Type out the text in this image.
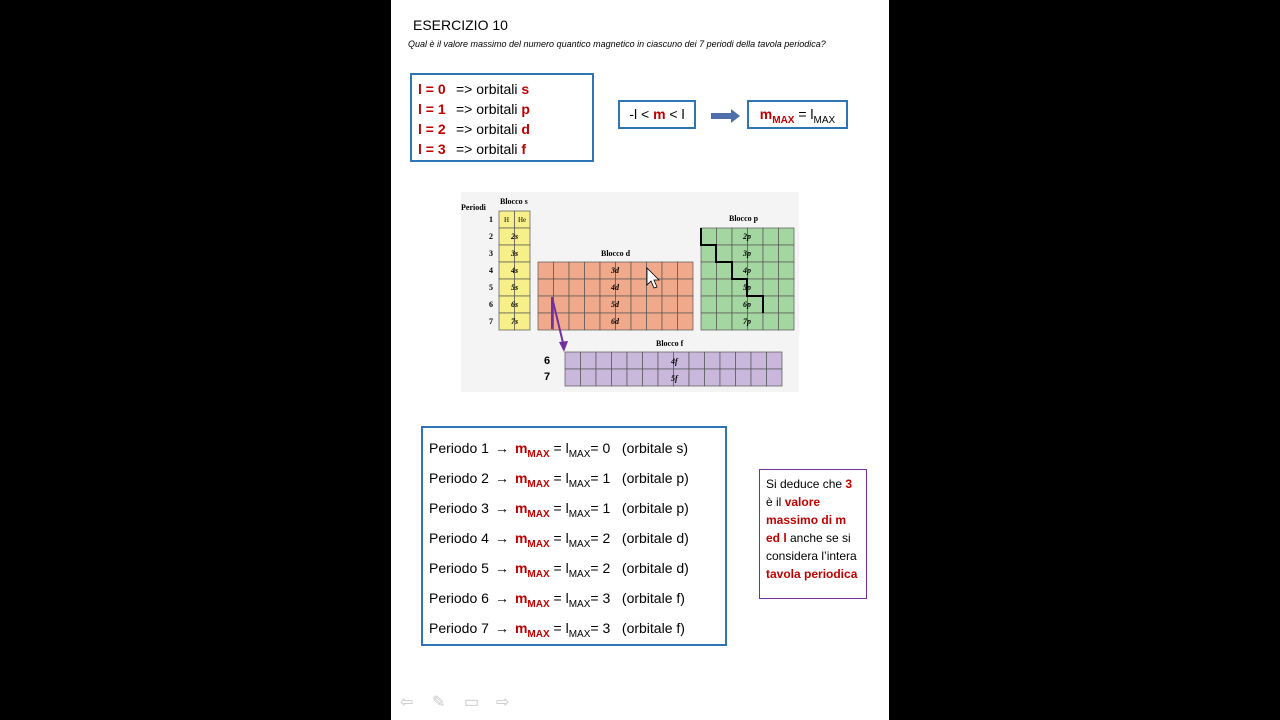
ESERCIZIO 10
Qual è il valore massimo del numero quantico magnetico in ciascuno dei 7 periodi della tavola periodica?
l = 0 => orbitali s
l = 1 => orbitali p
l = 2 => orbitali d
l = 3 => orbitali f
-l < m < l	$m_{MAX} = l_{MAX}$
Periodi
1
2
3
4
5
6
7
Blocco s
Blocco d
Blocco p
Blocco f
H He
2s
3s
4s
5s
6s
7s
3d
4d
5d
6d
2p
3p
4p
5p
6p
7p
6
7
4f
5f
Periodo $1 \to m_{MAX} = l_{MAX}= 0$ (orbitale s)
Periodo $2 \to m_{MAX} = l_{MAX}= 1$ (orbitale p)
Periodo $3 \to m_{MAX} = l_{MAX}= 1$ (orbitale p)
Periodo $4 \to m_{MAX} = l_{MAX}= 2$ (orbitale d)
Periodo $5 \to m_{MAX} = l_{MAX}= 2$ (orbitale d)
Periodo $6 \to m_{MAX} = l_{MAX}= 3$ (orbitale f)
Periodo $7 \to m_{MAX} = l_{MAX}= 3$ (orbitale f)
Si deduce che 3 è il valore massimo di m ed l anche se si considera l’intera tavola periodica
⇦ ✎ ▭ ⇨
